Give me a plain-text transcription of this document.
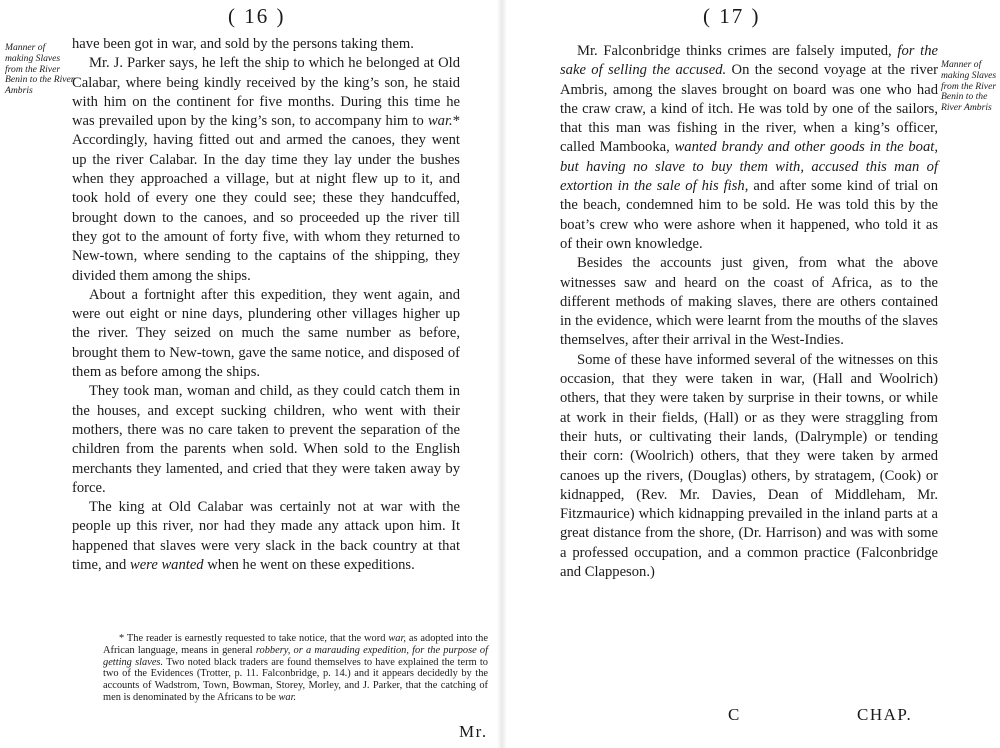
( 16 )
Manner of making Slaves from the River Benin to the River Ambris

have been got in war, and sold by the persons taking them.

Mr. J. Parker says, he left the ship to which he belonged at Old Calabar, where being kindly received by the king’s son, he staid with him on the continent for five months. During this time he was prevailed upon by the king’s son, to accompany him to war.* Accordingly, having fitted out and armed the canoes, they went up the river Calabar. In the day time they lay under the bushes when they approached a village, but at night flew up to it, and took hold of every one they could see; these they handcuffed, brought down to the canoes, and so proceeded up the river till they got to the amount of forty five, with whom they returned to New-town, where sending to the captains of the shipping, they divided them among the ships.

About a fortnight after this expedition, they went again, and were out eight or nine days, plundering other villages higher up the river. They seized on much the same number as before, brought them to New-town, gave the same notice, and disposed of them as before among the ships.

They took man, woman and child, as they could catch them in the houses, and except sucking children, who went with their mothers, there was no care taken to prevent the separation of the children from the parents when sold. When sold to the English merchants they lamented, and cried that they were taken away by force.

The king at Old Calabar was certainly not at war with the people up this river, nor had they made any attack upon him. It happened that slaves were very slack in the back country at that time, and were wanted when he went on these expeditions.

* The reader is earnestly requested to take notice, that the word war, as adopted into the African language, means in general robbery, or a marauding expedition, for the purpose of getting slaves. Two noted black traders are found themselves to have explained the term to two of the Evidences (Trotter, p. 11. Falconbridge, p. 14.) and it appears decidedly by the accounts of Wadstrom, Town, Bowman, Storey, Morley, and J. Parker, that the catching of men is denominated by the Africans to be war.

Mr.
( 17 )
Manner of making Slaves from the River Benin to the River Ambris

Mr. Falconbridge thinks crimes are falsely imputed, for the sake of selling the accused. On the second voyage at the river Ambris, among the slaves brought on board was one who had the craw craw, a kind of itch. He was told by one of the sailors, that this man was fishing in the river, when a king’s officer, called Mambooka, wanted brandy and other goods in the boat, but having no slave to buy them with, accused this man of extortion in the sale of his fish, and after some kind of trial on the beach, condemned him to be sold. He was told this by the boat’s crew who were ashore when it happened, who told it as of their own knowledge.

Besides the accounts just given, from what the above witnesses saw and heard on the coast of Africa, as to the different methods of making slaves, there are others contained in the evidence, which were learnt from the mouths of the slaves themselves, after their arrival in the West-Indies.

Some of these have informed several of the witnesses on this occasion, that they were taken in war, (Hall and Woolrich) others, that they were taken by surprise in their towns, or while at work in their fields, (Hall) or as they were straggling from their huts, or cultivating their lands, (Dalrymple) or tending their corn: (Woolrich) others, that they were taken by armed canoes up the rivers, (Douglas) others, by stratagem, (Cook) or kidnapped, (Rev. Mr. Davies, Dean of Middleham, Mr. Fitzmaurice) which kidnapping prevailed in the inland parts at a great distance from the shore, (Dr. Harrison) and was with some a professed occupation, and a common practice (Falconbridge and Clappeson.)

C	CHAP.
